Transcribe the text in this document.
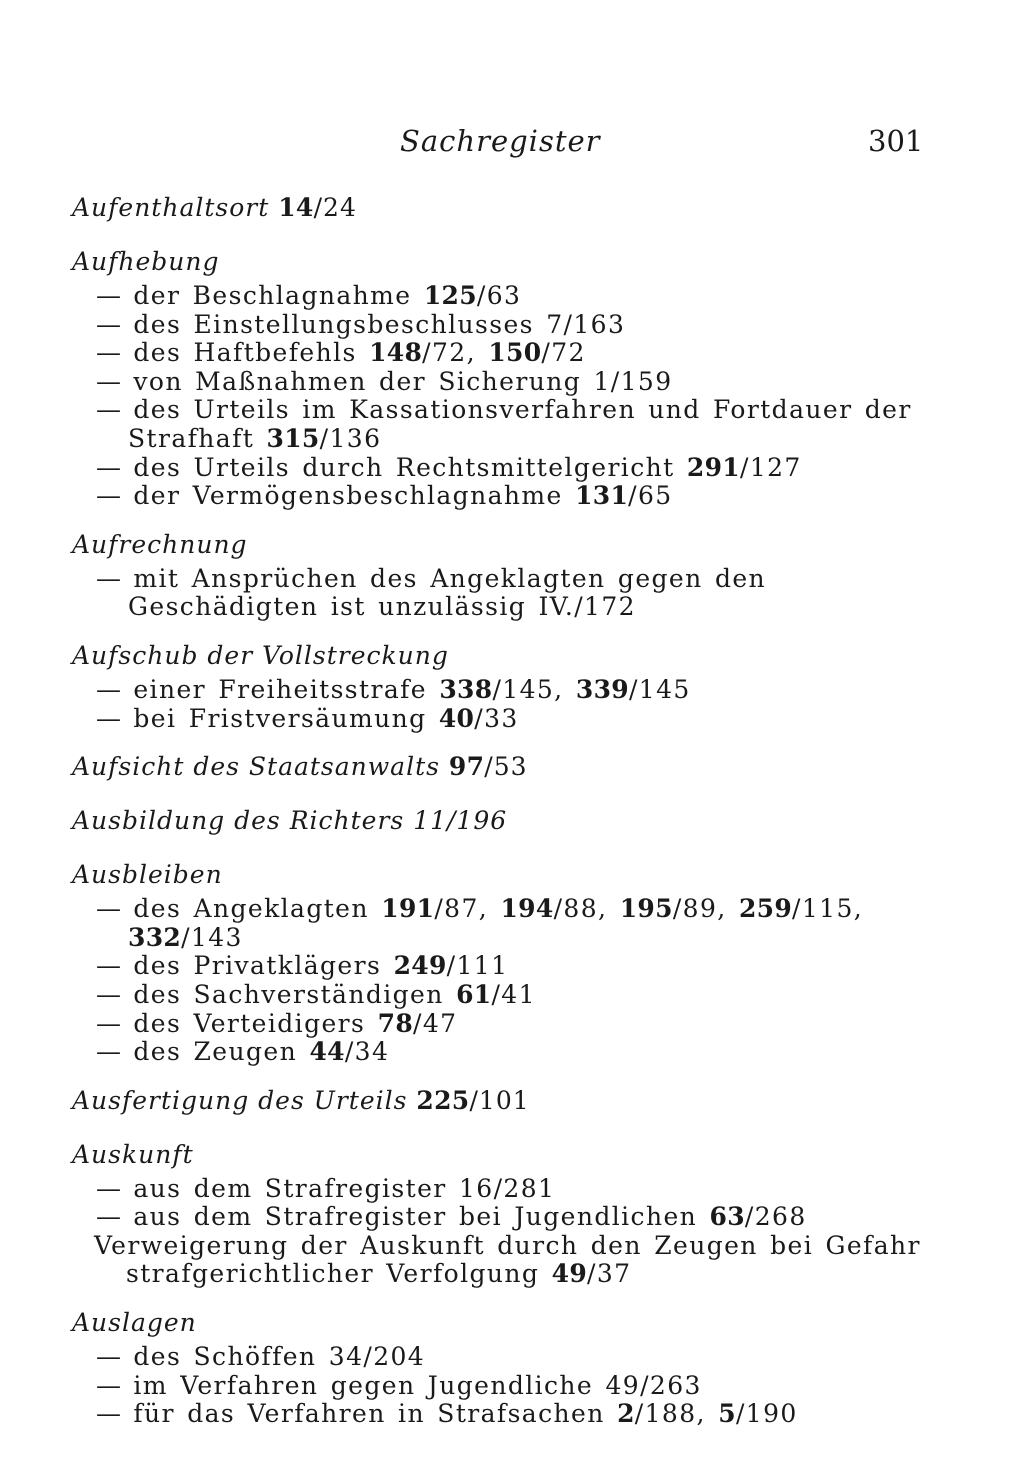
Sachregister	301
Aufenthaltsort 14/24
Aufhebung
— der Beschlagnahme 125/63
— des Einstellungsbeschlusses 7/163
— des Haftbefehls 148/72, 150/72
— von Maßnahmen der Sicherung 1/159
— des Urteils im Kassationsverfahren und Fortdauer der Strafhaft 315/136
— des Urteils durch Rechtsmittelgericht 291/127
— der Vermögensbeschlagnahme 131/65
Aufrechnung
— mit Ansprüchen des Angeklagten gegen den Geschädigten ist unzulässig IV./172
Aufschub der Vollstreckung
— einer Freiheitsstrafe 338/145, 339/145
— bei Fristversäumung 40/33
Aufsicht des Staatsanwalts 97/53
Ausbildung des Richters 11/196
Ausbleiben
— des Angeklagten 191/87, 194/88, 195/89, 259/115, 332/143
— des Privatklägers 249/111
— des Sachverständigen 61/41
— des Verteidigers 78/47
— des Zeugen 44/34
Ausfertigung des Urteils 225/101
Auskunft
— aus dem Strafregister 16/281
— aus dem Strafregister bei Jugendlichen 63/268
Verweigerung der Auskunft durch den Zeugen bei Gefahr strafgerichtlicher Verfolgung 49/37
Auslagen
— des Schöffen 34/204
— im Verfahren gegen Jugendliche 49/263
— für das Verfahren in Strafsachen 2/188, 5/190
